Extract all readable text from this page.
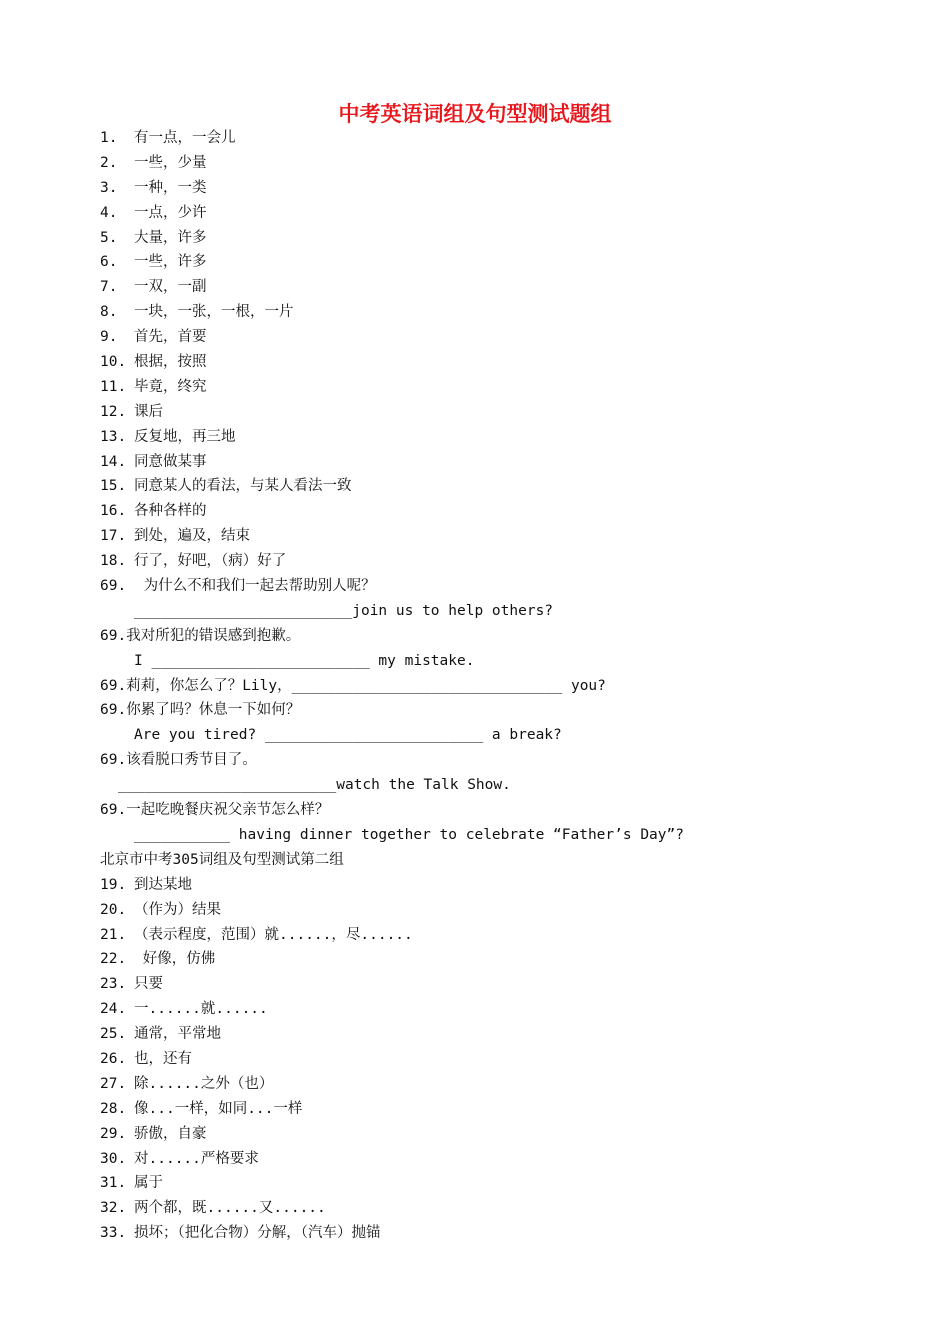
中考英语词组及句型测试题组
1. 有一点，一会儿
2. 一些，少量
3. 一种，一类
4. 一点，少许
5. 大量，许多
6. 一些，许多
7. 一双，一副
8. 一块，一张，一根，一片
9. 首先，首要
10. 根据，按照
11. 毕竟，终究
12. 课后
13. 反复地，再三地
14. 同意做某事
15. 同意某人的看法，与某人看法一致
16. 各种各样的
17. 到处，遍及，结束
18. 行了，好吧，（病）好了
69.  为什么不和我们一起去帮助别人呢？
_________________________join us to help others?
69.我对所犯的错误感到抱歉。
I _________________________ my mistake.
69.莉莉，你怎么了？Lily，_______________________________ you?
69.你累了吗？休息一下如何？
Are you tired? _________________________ a break?
69.该看脱口秀节目了。
_________________________watch the Talk Show.
69.一起吃晚餐庆祝父亲节怎么样？
___________ having dinner together to celebrate “Father’s Day”?
北京市中考305词组及句型测试第二组
19. 到达某地
20. （作为）结果
21. （表示程度，范围）就......，尽......
22. 好像，仿佛
23. 只要
24. 一......就......
25. 通常，平常地
26. 也，还有
27. 除......之外（也）
28. 像...一样，如同...一样
29. 骄傲，自豪
30. 对......严格要求
31. 属于
32. 两个都，既......又......
33. 损坏；（把化合物）分解，（汽车）抛锚
